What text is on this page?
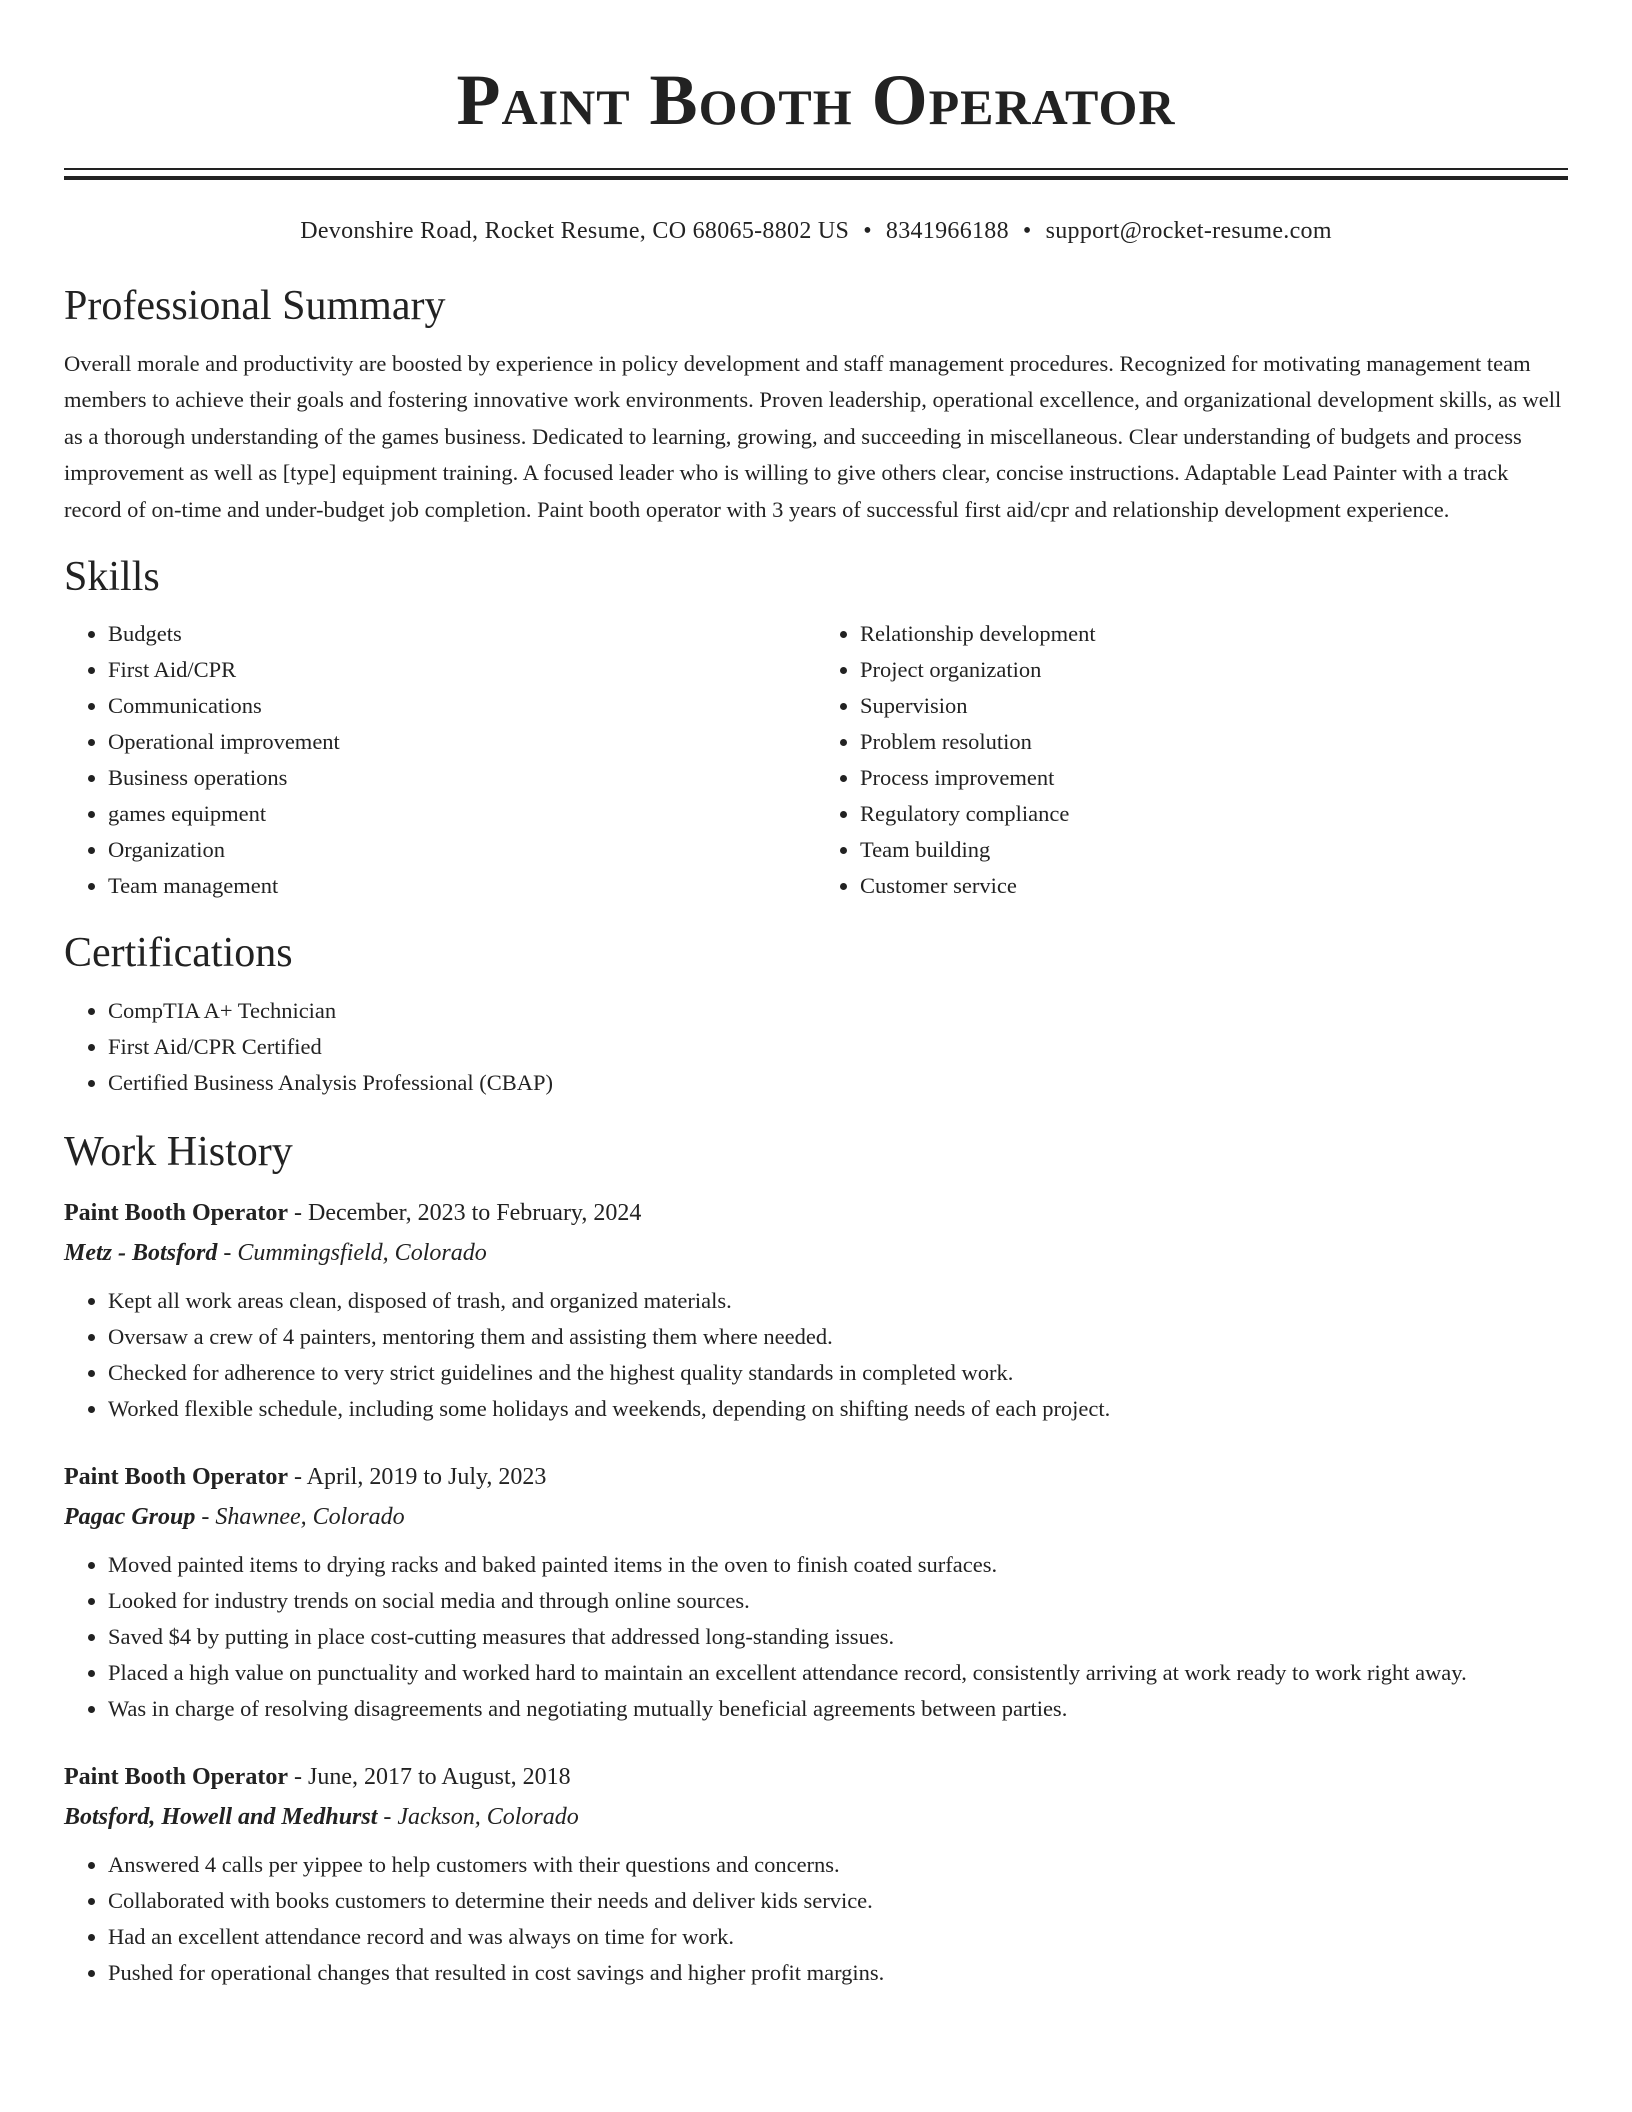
Paint Booth Operator
Devonshire Road, Rocket Resume, CO 68065-8802 US • 8341966188 • support@rocket-resume.com
Professional Summary
Overall morale and productivity are boosted by experience in policy development and staff management procedures. Recognized for motivating management team members to achieve their goals and fostering innovative work environments. Proven leadership, operational excellence, and organizational development skills, as well as a thorough understanding of the games business. Dedicated to learning, growing, and succeeding in miscellaneous. Clear understanding of budgets and process improvement as well as [type] equipment training. A focused leader who is willing to give others clear, concise instructions. Adaptable Lead Painter with a track record of on-time and under-budget job completion. Paint booth operator with 3 years of successful first aid/cpr and relationship development experience.
Skills
• Budgets
• First Aid/CPR
• Communications
• Operational improvement
• Business operations
• games equipment
• Organization
• Team management
• Relationship development
• Project organization
• Supervision
• Problem resolution
• Process improvement
• Regulatory compliance
• Team building
• Customer service
Certifications
• CompTIA A+ Technician
• First Aid/CPR Certified
• Certified Business Analysis Professional (CBAP)
Work History
Paint Booth Operator - December, 2023 to February, 2024
Metz - Botsford - Cummingsfield, Colorado
• Kept all work areas clean, disposed of trash, and organized materials.
• Oversaw a crew of 4 painters, mentoring them and assisting them where needed.
• Checked for adherence to very strict guidelines and the highest quality standards in completed work.
• Worked flexible schedule, including some holidays and weekends, depending on shifting needs of each project.
Paint Booth Operator - April, 2019 to July, 2023
Pagac Group - Shawnee, Colorado
• Moved painted items to drying racks and baked painted items in the oven to finish coated surfaces.
• Looked for industry trends on social media and through online sources.
• Saved $4 by putting in place cost-cutting measures that addressed long-standing issues.
• Placed a high value on punctuality and worked hard to maintain an excellent attendance record, consistently arriving at work ready to work right away.
• Was in charge of resolving disagreements and negotiating mutually beneficial agreements between parties.
Paint Booth Operator - June, 2017 to August, 2018
Botsford, Howell and Medhurst - Jackson, Colorado
• Answered 4 calls per yippee to help customers with their questions and concerns.
• Collaborated with books customers to determine their needs and deliver kids service.
• Had an excellent attendance record and was always on time for work.
• Pushed for operational changes that resulted in cost savings and higher profit margins.
